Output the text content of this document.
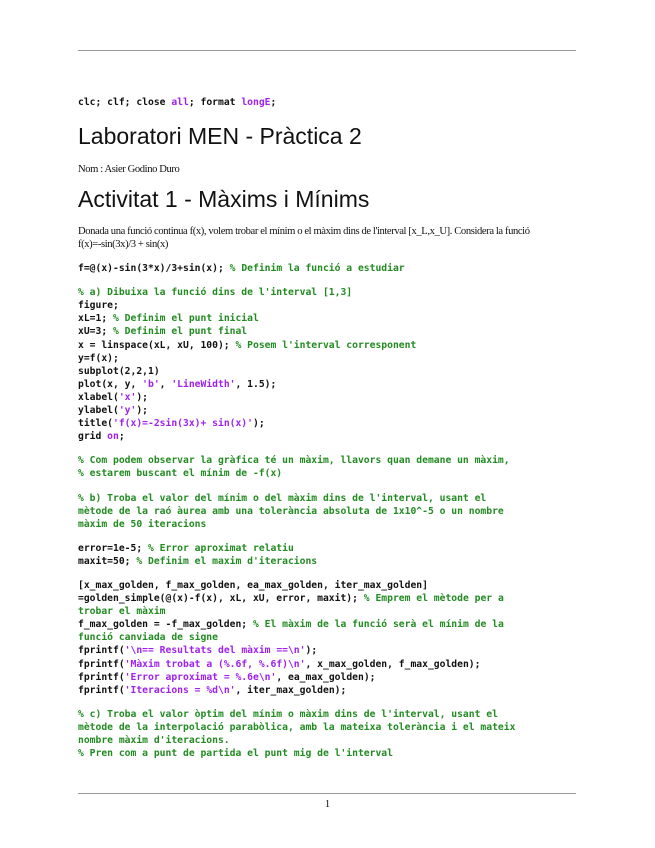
clc; clf; close all; format longE;
Laboratori MEN - Pràctica 2

Nom : Asier Godino Duro

Activitat 1 - Màxims i Mínims

Donada una funció continua f(x), volem trobar el mínim o el màxim dins de l'interval [x_L,x_U]. Considera la funció

f(x)=-sin(3x)/3 + sin(x)

f=@(x)-sin(3*x)/3+sin(x); % Definim la funció a estudiar
% a) Dibuixa la funció dins de l'interval [1,3]
figure;
xL=1; % Definim el punt inicial
xU=3; % Definim el punt final
x = linspace(xL, xU, 100); % Posem l'interval corresponent
y=f(x);
subplot(2,2,1)
plot(x, y, 'b', 'LineWidth', 1.5);
xlabel('x');
ylabel('y');
title('f(x)=-2sin(3x)+ sin(x)');
grid on;
% Com podem observar la gràfica té un màxim, llavors quan demane un màxim,
% estarem buscant el mínim de -f(x)
% b) Troba el valor del mínim o del màxim dins de l'interval, usant el
mètode de la raó àurea amb una tolerància absoluta de 1x10^-5 o un nombre
màxim de 50 iteracions
error=1e-5; % Error aproximat relatiu
maxit=50; % Definim el maxim d'iteracions
[x_max_golden, f_max_golden, ea_max_golden, iter_max_golden]
=golden_simple(@(x)-f(x), xL, xU, error, maxit); % Emprem el mètode per a
trobar el màxim
f_max_golden = -f_max_golden; % El màxim de la funció serà el mínim de la
funció canviada de signe
fprintf('\n== Resultats del màxim ==\n');
fprintf('Màxim trobat a (%.6f, %.6f)\n', x_max_golden, f_max_golden);
fprintf('Error aproximat = %.6e\n', ea_max_golden);
fprintf('Iteracions = %d\n', iter_max_golden);
% c) Troba el valor òptim del mínim o màxim dins de l'interval, usant el
mètode de la interpolació parabòlica, amb la mateixa tolerància i el mateix
nombre màxim d'iteracions.
% Pren com a punt de partida el punt mig de l'interval
1
